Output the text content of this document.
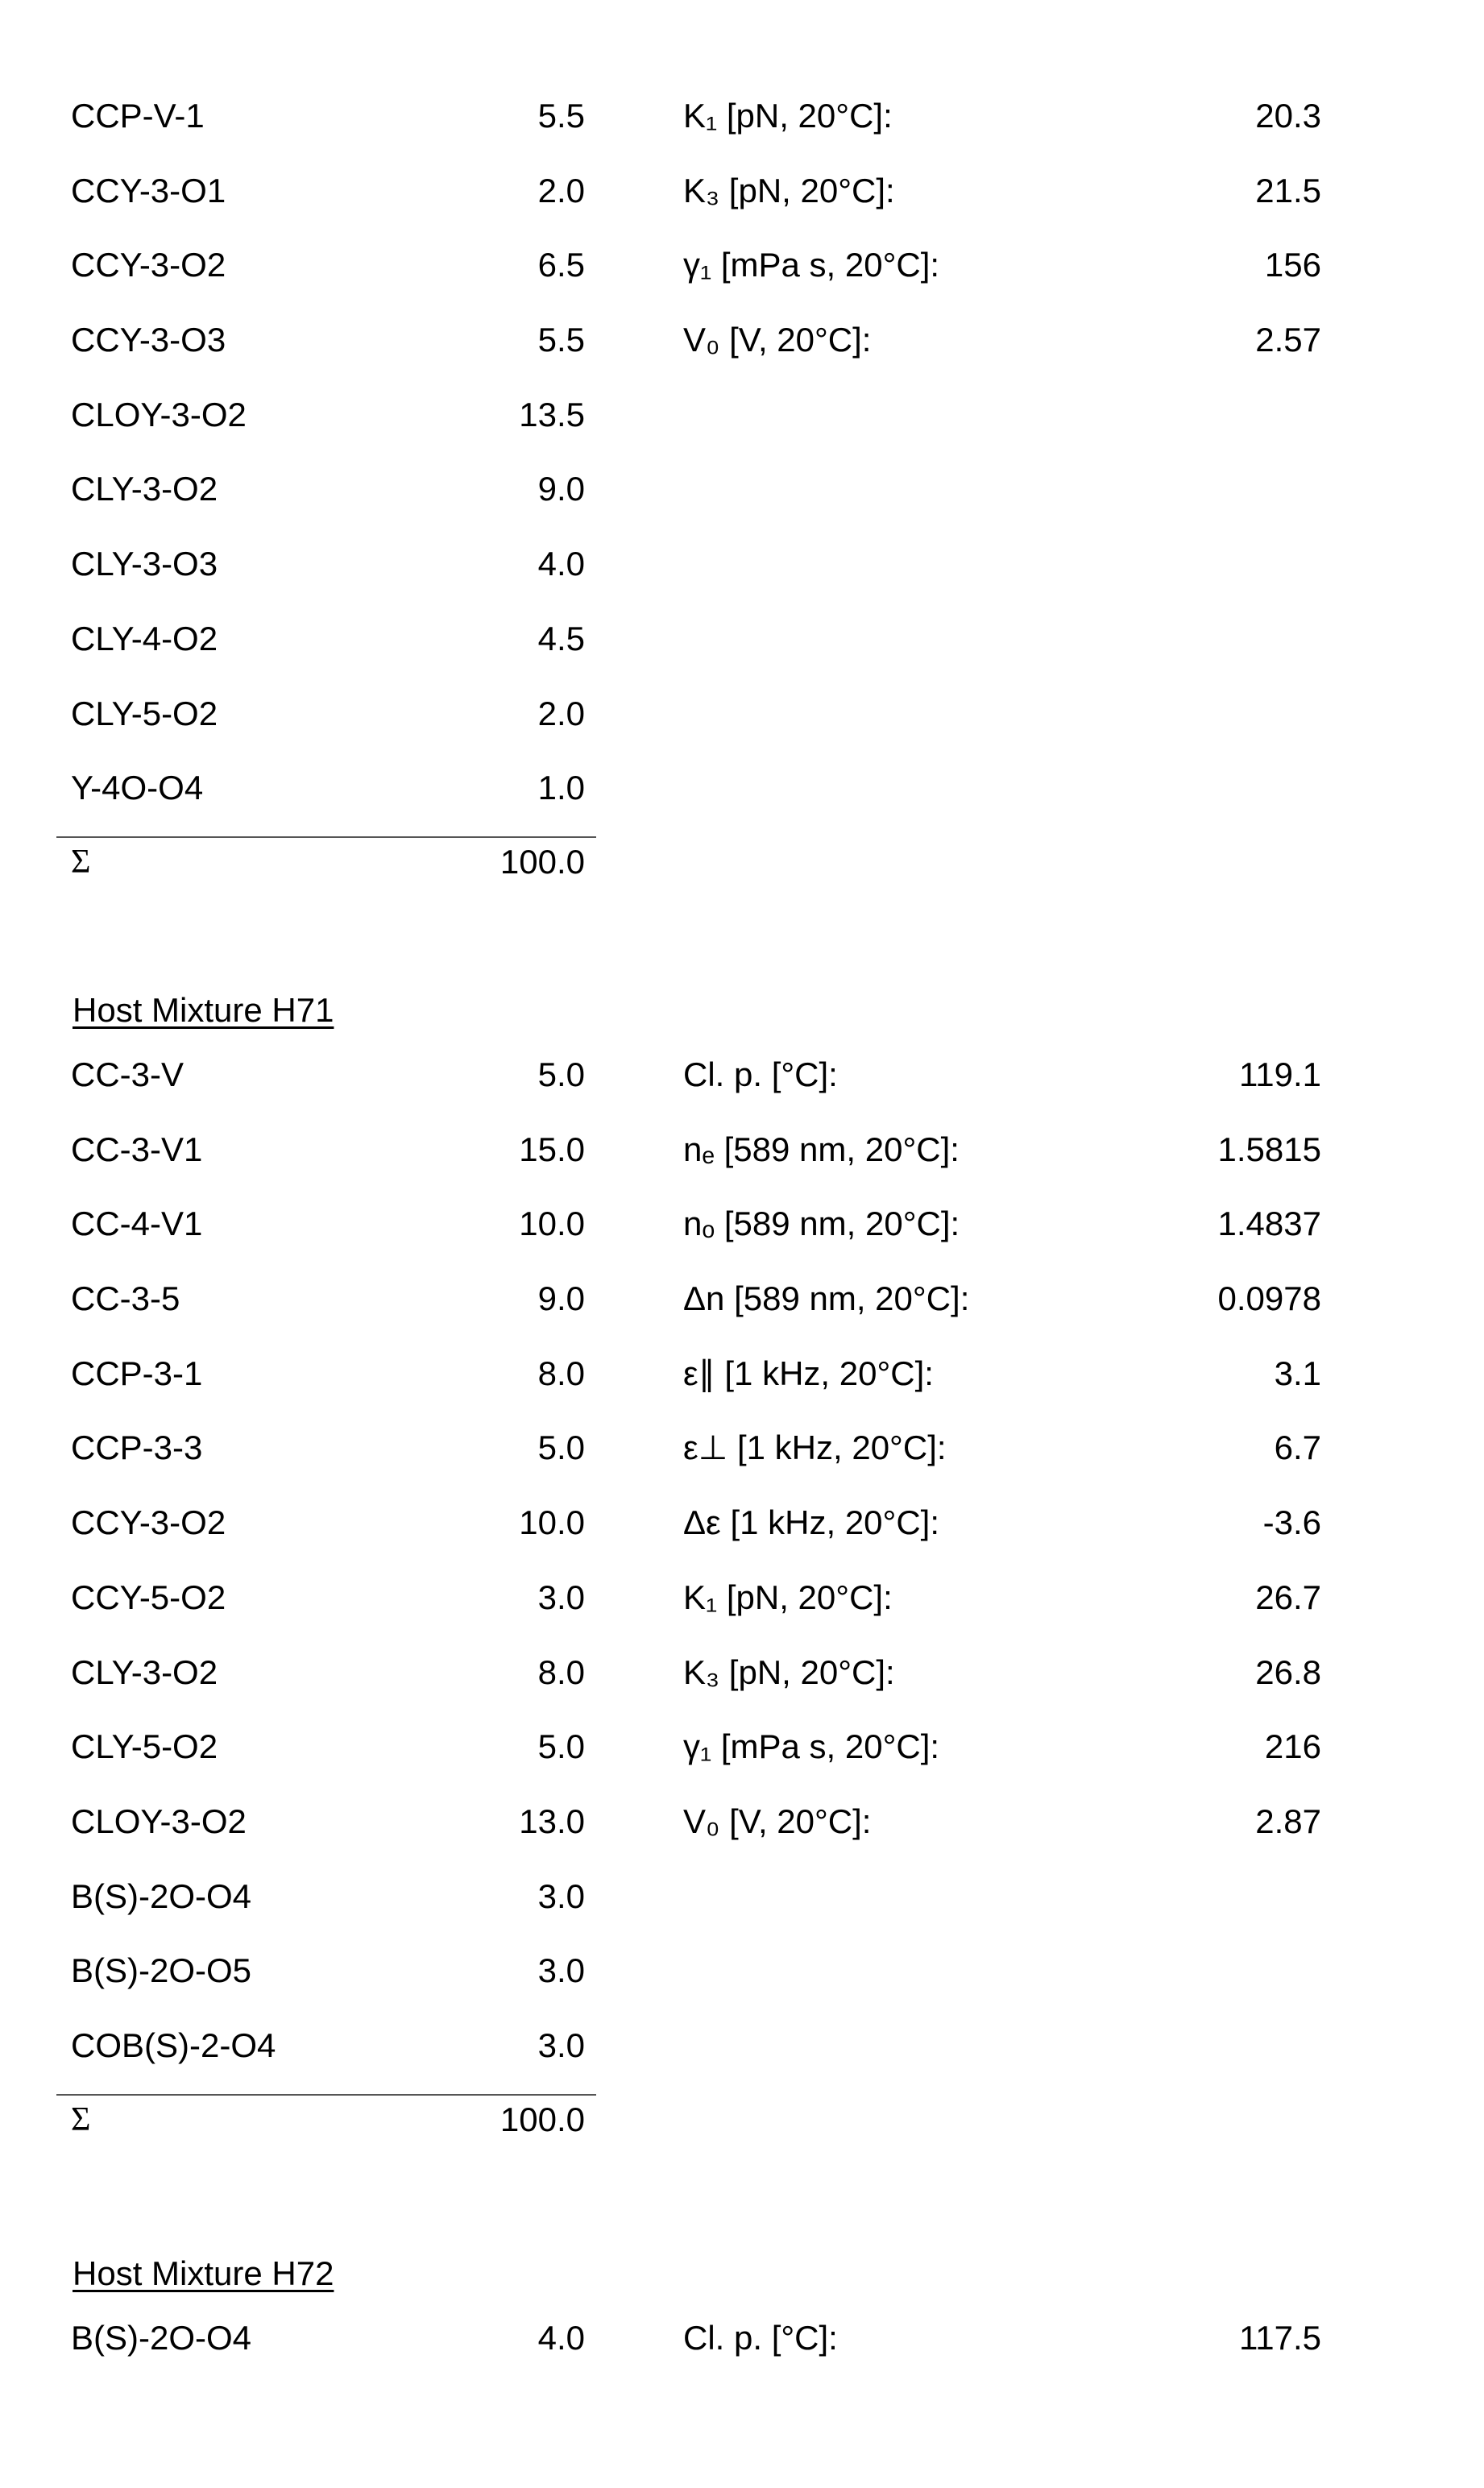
CCP-V-1	5.5	K₁ [pN, 20°C]:	20.3
CCY-3-O1	2.0	K₃ [pN, 20°C]:	21.5
CCY-3-O2	6.5	γ₁ [mPa s, 20°C]:	156
CCY-3-O3	5.5	V₀ [V, 20°C]:	2.57
CLOY-3-O2	13.5
CLY-3-O2	9.0
CLY-3-O3	4.0
CLY-4-O2	4.5
CLY-5-O2	2.0
Y-4O-O4	1.0
Σ	100.0
Host Mixture H71
CC-3-V	5.0	Cl. p. [°C]:	119.1
CC-3-V1	15.0	nₑ [589 nm, 20°C]:	1.5815
CC-4-V1	10.0	nₒ [589 nm, 20°C]:	1.4837
CC-3-5	9.0	Δn [589 nm, 20°C]:	0.0978
CCP-3-1	8.0	ε∥ [1 kHz, 20°C]:	3.1
CCP-3-3	5.0	ε⊥ [1 kHz, 20°C]:	6.7
CCY-3-O2	10.0	Δε [1 kHz, 20°C]:	-3.6
CCY-5-O2	3.0	K₁ [pN, 20°C]:	26.7
CLY-3-O2	8.0	K₃ [pN, 20°C]:	26.8
CLY-5-O2	5.0	γ₁ [mPa s, 20°C]:	216
CLOY-3-O2	13.0	V₀ [V, 20°C]:	2.87
B(S)-2O-O4	3.0
B(S)-2O-O5	3.0
COB(S)-2-O4	3.0
Σ	100.0
Host Mixture H72
B(S)-2O-O4	4.0	Cl. p. [°C]:	117.5
